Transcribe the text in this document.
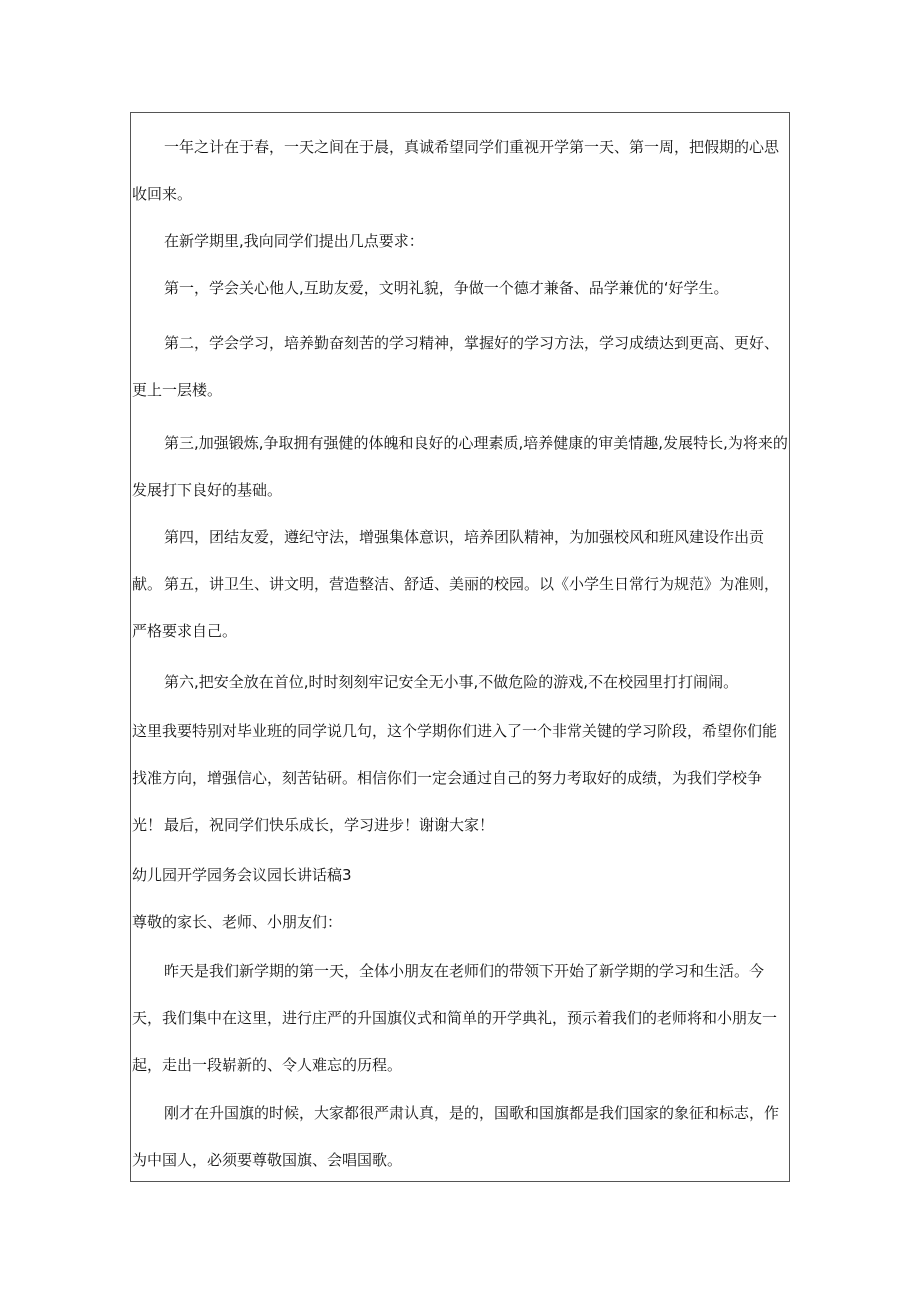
一年之计在于春，一天之间在于晨，真诚希望同学们重视开学第一天、第一周，把假期的心思收回来。

在新学期里,我向同学们提出几点要求：

第一，学会关心他人,互助友爱，文明礼貌，争做一个德才兼备、品学兼优的‘好学生。

第二，学会学习，培养勤奋刻苦的学习精神，掌握好的学习方法，学习成绩达到更高、更好、更上一层楼。

第三,加强锻炼,争取拥有强健的体魄和良好的心理素质,培养健康的审美情趣,发展特长,为将来的发展打下良好的基础。

第四，团结友爱，遵纪守法，增强集体意识，培养团队精神，为加强校风和班风建设作出贡献。 第五，讲卫生、讲文明，营造整洁、舒适、美丽的校园。以《小学生日常行为规范》为准则，严格要求自己。

第六,把安全放在首位,时时刻刻牢记安全无小事,不做危险的游戏,不在校园里打打闹闹。

这里我要特别对毕业班的同学说几句，这个学期你们进入了一个非常关键的学习阶段，希望你们能找准方向，增强信心，刻苦钻研。相信你们一定会通过自己的努力考取好的成绩，为我们学校争光！ 最后，祝同学们快乐成长，学习进步！谢谢大家！

幼儿园开学园务会议园长讲话稿3

尊敬的家长、老师、小朋友们：

昨天是我们新学期的第一天，全体小朋友在老师们的带领下开始了新学期的学习和生活。今天，我们集中在这里，进行庄严的升国旗仪式和简单的开学典礼，预示着我们的老师将和小朋友一起，走出一段崭新的、令人难忘的历程。

刚才在升国旗的时候，大家都很严肃认真，是的，国歌和国旗都是我们国家的象征和标志，作为中国人，必须要尊敬国旗、会唱国歌。
